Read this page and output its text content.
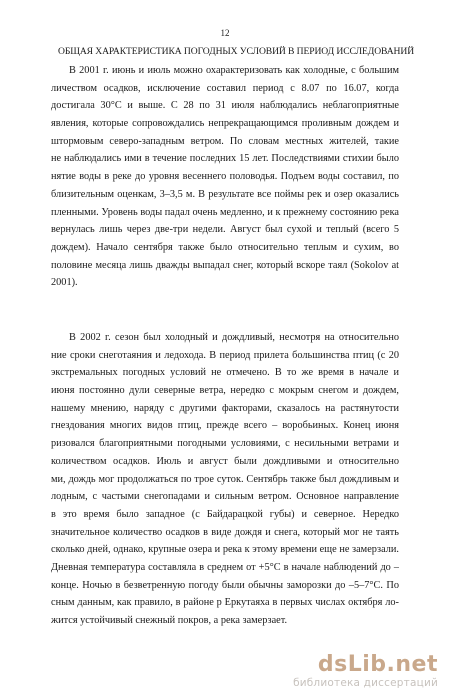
12
ОБЩАЯ ХАРАКТЕРИСТИКА ПОГОДНЫХ УСЛОВИЙ В ПЕРИОД ИССЛЕДОВАНИЙ
В 2001 г. июнь и июль можно охарактеризовать как холодные, с большим
личеством осадков, исключение составил период с 8.07 по 16.07, когда
достигала 30°С и выше. С 28 по 31 июля наблюдались неблагоприятные
явления, которые сопровождались непрекращающимся проливным дождем и
штормовым северо-западным ветром. По словам местных жителей, такие
не наблюдались ими в течение последних 15 лет. Последствиями стихии было
нятие воды в реке до уровня весеннего половодья. Подъем воды составил, по
близительным оценкам, 3–3,5 м. В результате все поймы рек и озер оказались
пленными. Уровень воды падал очень медленно, и к прежнему состоянию река
вернулась лишь через две-три недели. Август был сухой и теплый (всего 5
дождем). Начало сентября также было относительно теплым и сухим, во
половине месяца лишь дважды выпадал снег, который вскоре таял (Sokolov at
2001).
В 2002 г. сезон был холодный и дождливый, несмотря на относительно
ние сроки снеготаяния и ледохода. В период прилета большинства птиц (с 20
экстремальных погодных условий не отмечено. В то же время в начале и
июня постоянно дули северные ветра, нередко с мокрым снегом и дождем,
нашему мнению, наряду с другими факторами, сказалось на растянутости
гнездования многих видов птиц, прежде всего – воробьиных. Конец июня
ризовался благоприятными погодными условиями, с несильными ветрами и
количеством осадков. Июль и август были дождливыми и относительно
ми, дождь мог продолжаться по трое суток. Сентябрь также был дождливым и
лодным, с частыми снегопадами и сильным ветром. Основное направление
в это время было западное (с Байдарацкой губы) и северное. Нередко
значительное количество осадков в виде дождя и снега, который мог не таять
сколько дней, однако, крупные озера и река к этому времени еще не замерзали.
Дневная температура составляла в среднем от +5°С в начале наблюдений до –
конце. Ночью в безветренную погоду были обычны заморозки до –5–7°С. По
сным данным, как правило, в районе р Еркутаяха в первых числах октября ло-
жится устойчивый снежный покров, а река замерзает.
dsLib.net
библиотека диссертаций
